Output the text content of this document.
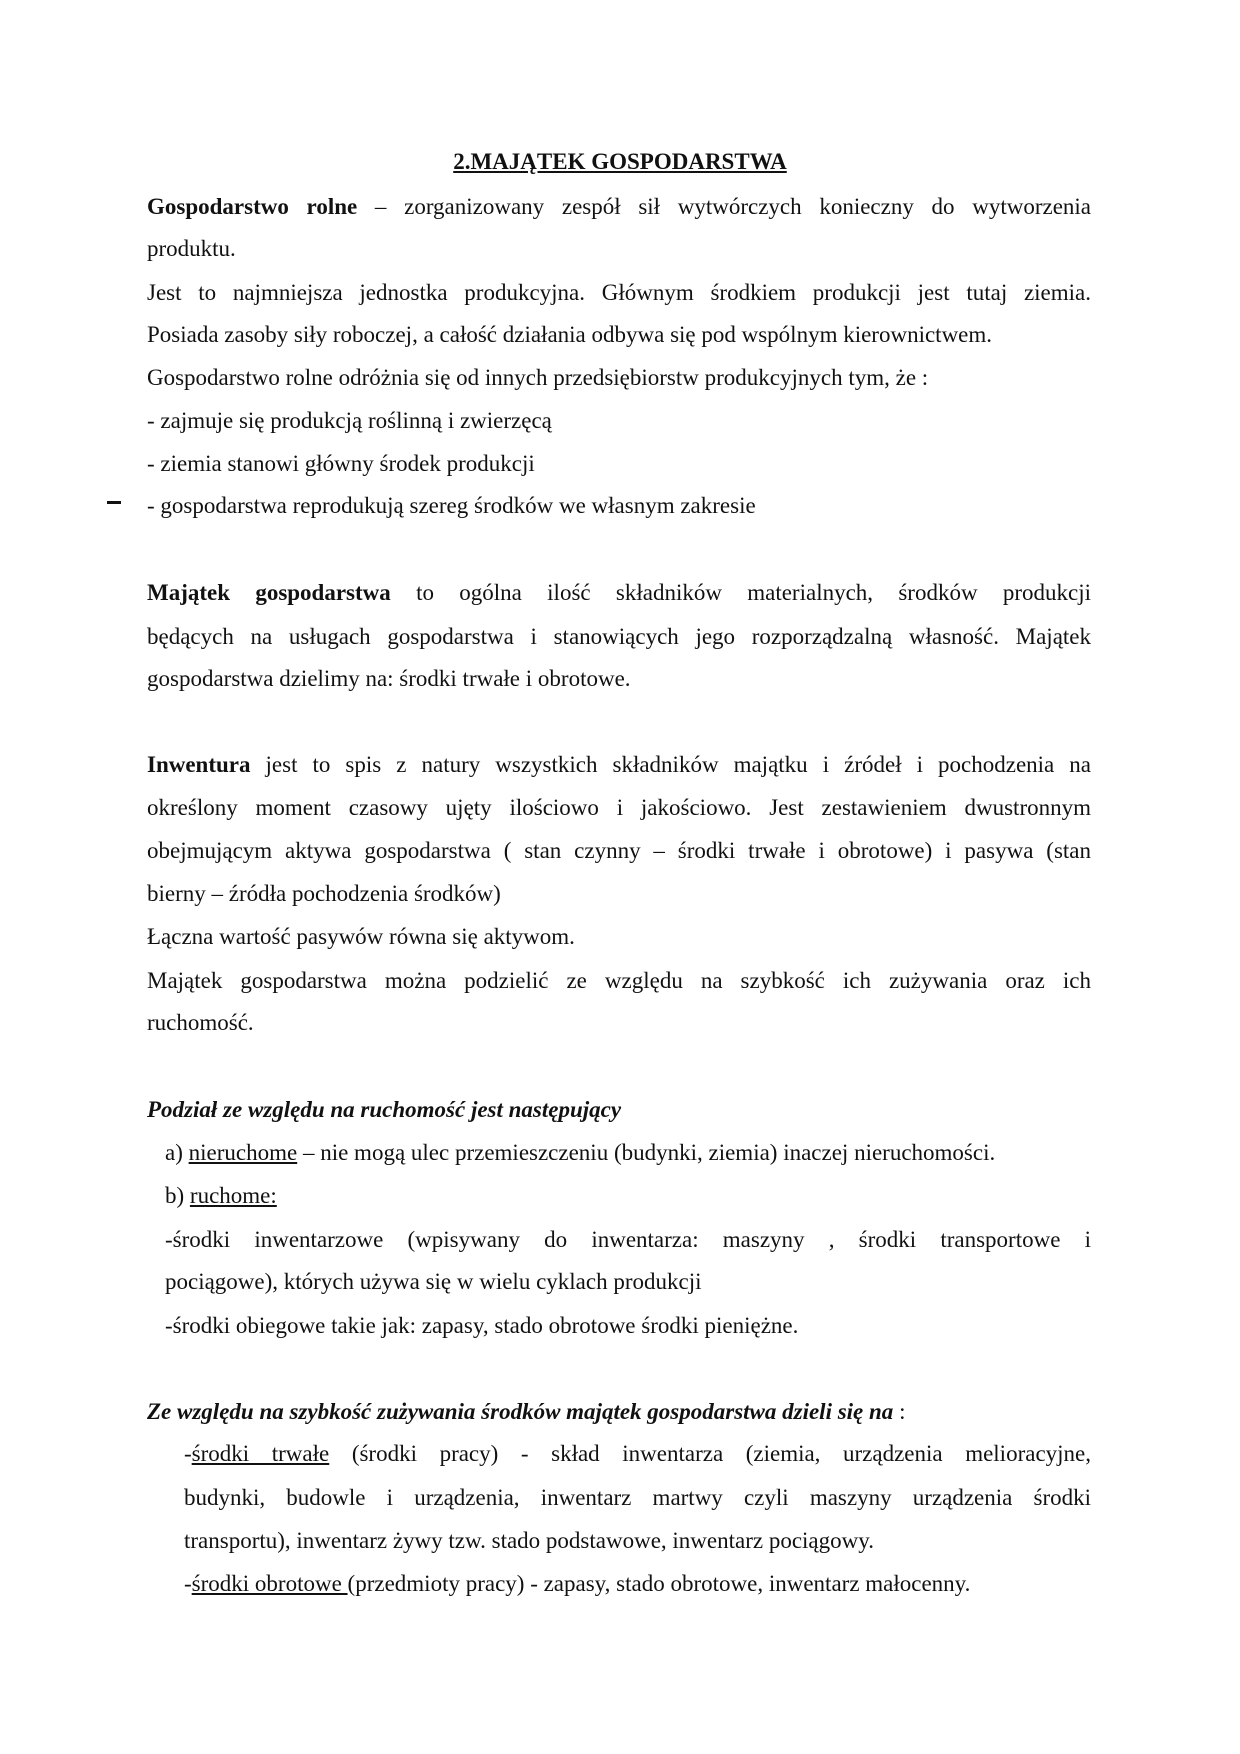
2.MAJĄTEK GOSPODARSTWA
Gospodarstwo rolne – zorganizowany zespół sił wytwórczych konieczny do wytworzenia
produktu.
Jest to najmniejsza jednostka produkcyjna. Głównym środkiem produkcji jest tutaj ziemia.
Posiada zasoby siły roboczej, a całość działania odbywa się pod wspólnym kierownictwem.
Gospodarstwo rolne odróżnia się od innych przedsiębiorstw produkcyjnych tym, że :
- zajmuje się produkcją roślinną i zwierzęcą
- ziemia stanowi główny środek produkcji
- gospodarstwa reprodukują szereg środków we własnym zakresie
Majątek gospodarstwa to ogólna ilość składników materialnych, środków produkcji
będących na usługach gospodarstwa i stanowiących jego rozporządzalną własność. Majątek
gospodarstwa dzielimy na: środki trwałe i obrotowe.
Inwentura jest to spis z natury wszystkich składników majątku i źródeł i pochodzenia na
określony moment czasowy ujęty ilościowo i jakościowo. Jest zestawieniem dwustronnym
obejmującym aktywa gospodarstwa ( stan czynny – środki trwałe i obrotowe) i pasywa (stan
bierny – źródła pochodzenia środków)
Łączna wartość pasywów równa się aktywom.
Majątek gospodarstwa można podzielić ze względu na szybkość ich zużywania oraz ich
ruchomość.
Podział ze względu na ruchomość jest następujący
a) nieruchome – nie mogą ulec przemieszczeniu (budynki, ziemia) inaczej nieruchomości.
b) ruchome:
-środki inwentarzowe (wpisywany do inwentarza: maszyny , środki transportowe i
pociągowe), których używa się w wielu cyklach produkcji
-środki obiegowe takie jak: zapasy, stado obrotowe środki pieniężne.
Ze względu na szybkość zużywania środków majątek gospodarstwa dzieli się na :
-środki trwałe (środki pracy) - skład inwentarza (ziemia, urządzenia melioracyjne,
budynki, budowle i urządzenia, inwentarz martwy czyli maszyny urządzenia środki
transportu), inwentarz żywy tzw. stado podstawowe, inwentarz pociągowy.
-środki obrotowe (przedmioty pracy) - zapasy, stado obrotowe, inwentarz małocenny.
